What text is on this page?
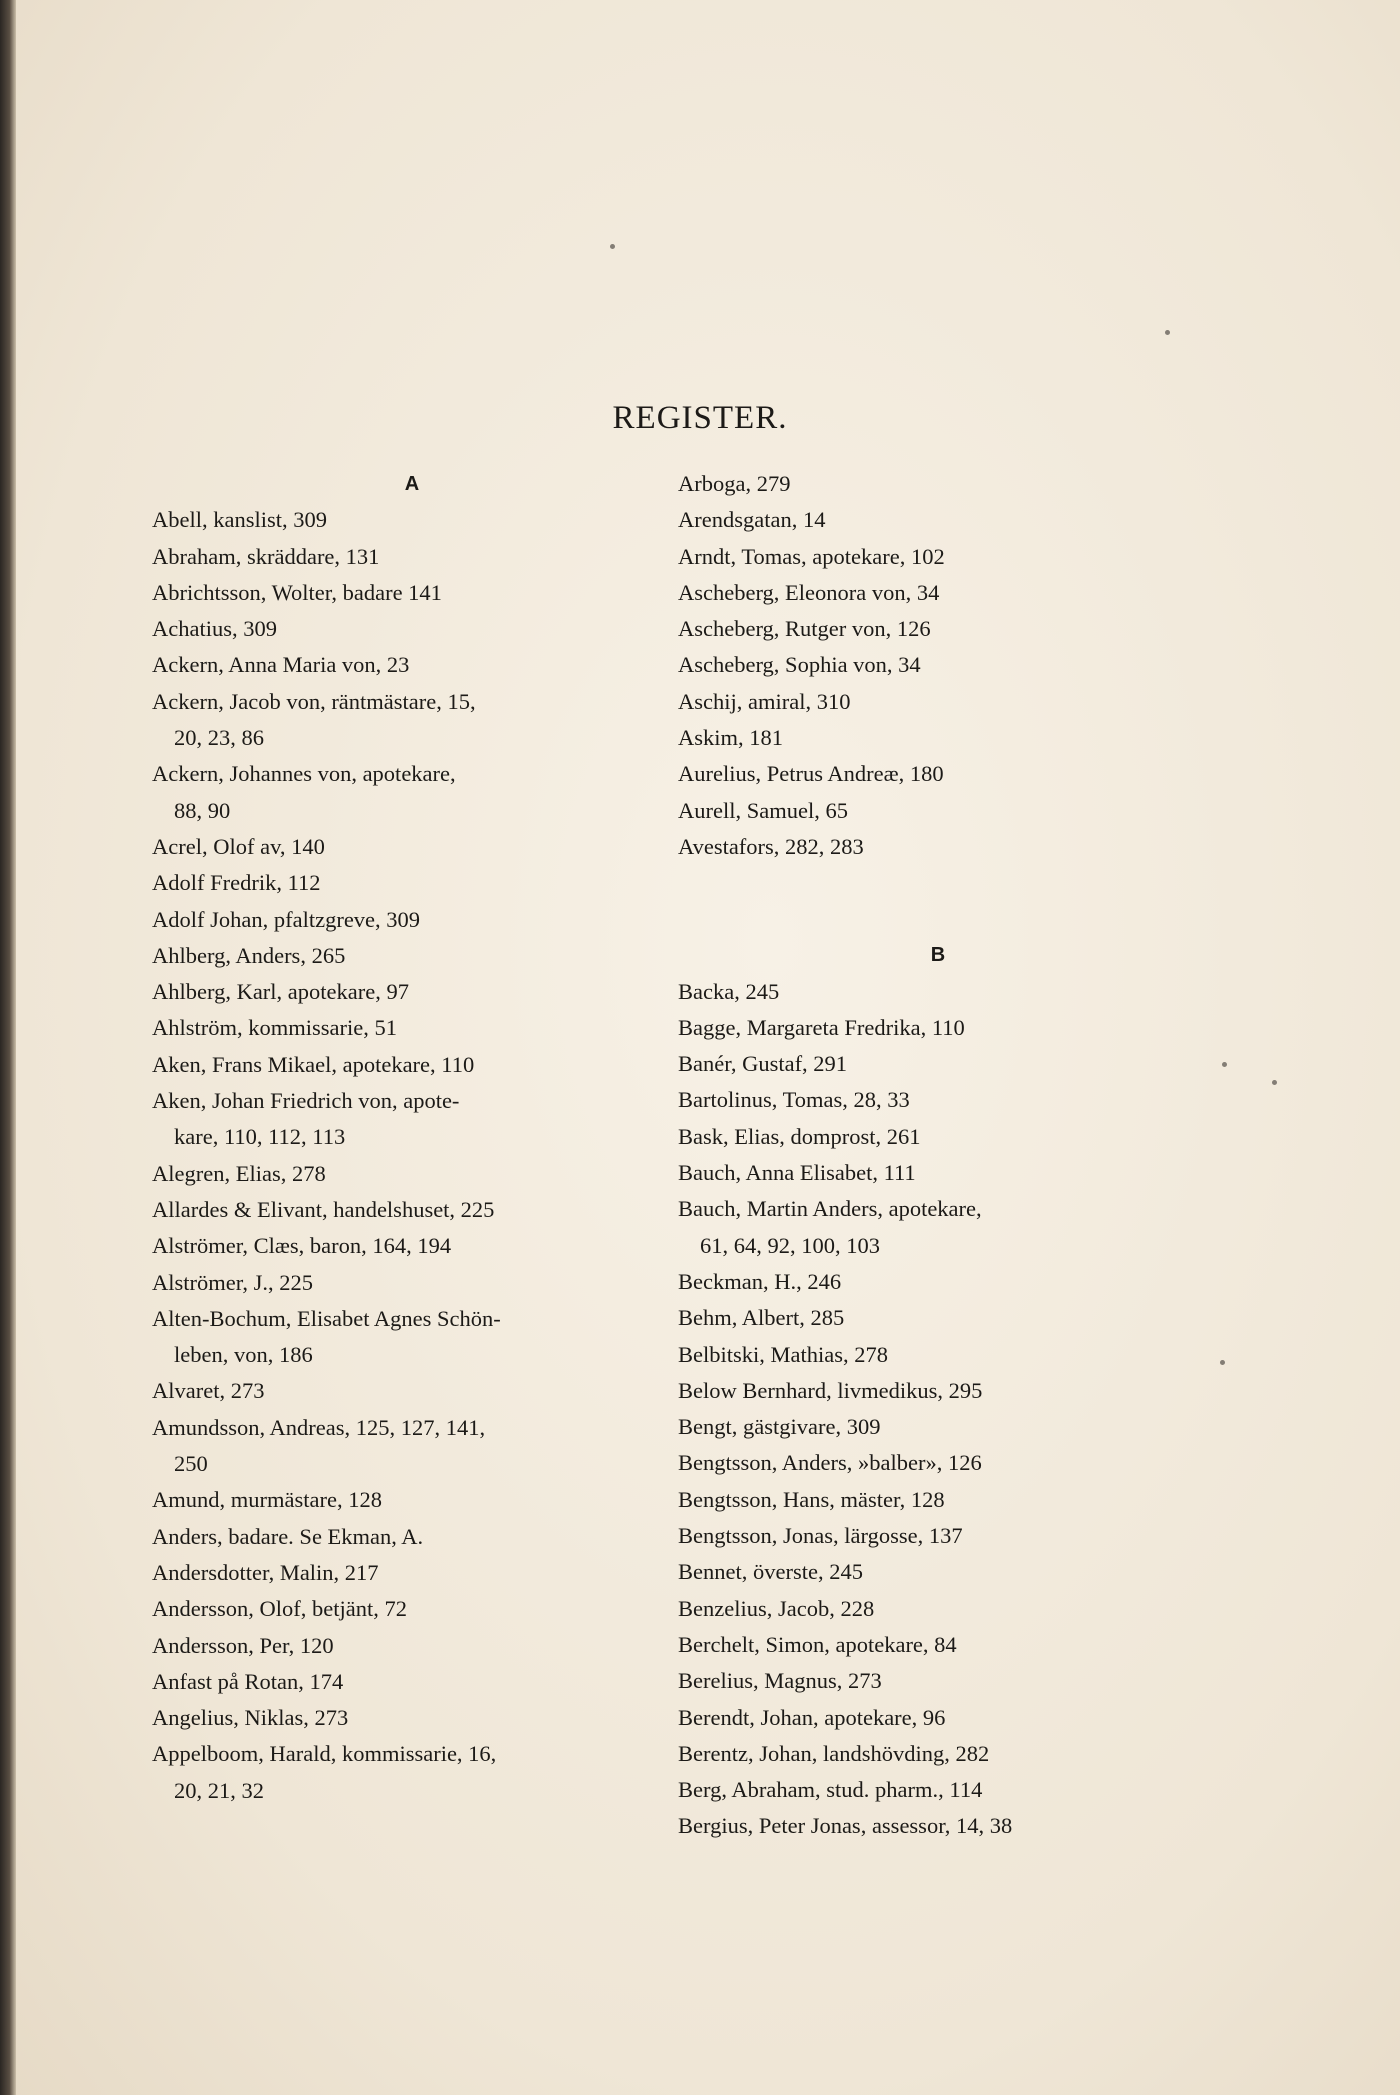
REGISTER.
A
Abell, kanslist, 309
Abraham, skräddare, 131
Abrichtsson, Wolter, badare 141
Achatius, 309
Ackern, Anna Maria von, 23
Ackern, Jacob von, räntmästare, 15,
20, 23, 86
Ackern, Johannes von, apotekare,
88, 90
Acrel, Olof av, 140
Adolf Fredrik, 112
Adolf Johan, pfaltzgreve, 309
Ahlberg, Anders, 265
Ahlberg, Karl, apotekare, 97
Ahlström, kommissarie, 51
Aken, Frans Mikael, apotekare, 110
Aken, Johan Friedrich von, apote-
kare, 110, 112, 113
Alegren, Elias, 278
Allardes & Elivant, handelshuset, 225
Alströmer, Clæs, baron, 164, 194
Alströmer, J., 225
Alten-Bochum, Elisabet Agnes Schön-
leben, von, 186
Alvaret, 273
Amundsson, Andreas, 125, 127, 141,
250
Amund, murmästare, 128
Anders, badare. Se Ekman, A.
Andersdotter, Malin, 217
Andersson, Olof, betjänt, 72
Andersson, Per, 120
Anfast på Rotan, 174
Angelius, Niklas, 273
Appelboom, Harald, kommissarie, 16,
20, 21, 32
Arboga, 279
Arendsgatan, 14
Arndt, Tomas, apotekare, 102
Ascheberg, Eleonora von, 34
Ascheberg, Rutger von, 126
Ascheberg, Sophia von, 34
Aschij, amiral, 310
Askim, 181
Aurelius, Petrus Andreæ, 180
Aurell, Samuel, 65
Avestafors, 282, 283
B
Backa, 245
Bagge, Margareta Fredrika, 110
Banér, Gustaf, 291
Bartolinus, Tomas, 28, 33
Bask, Elias, domprost, 261
Bauch, Anna Elisabet, 111
Bauch, Martin Anders, apotekare,
61, 64, 92, 100, 103
Beckman, H., 246
Behm, Albert, 285
Belbitski, Mathias, 278
Below Bernhard, livmedikus, 295
Bengt, gästgivare, 309
Bengtsson, Anders, »balber», 126
Bengtsson, Hans, mäster, 128
Bengtsson, Jonas, lärgosse, 137
Bennet, överste, 245
Benzelius, Jacob, 228
Berchelt, Simon, apotekare, 84
Berelius, Magnus, 273
Berendt, Johan, apotekare, 96
Berentz, Johan, landshövding, 282
Berg, Abraham, stud. pharm., 114
Bergius, Peter Jonas, assessor, 14, 38
